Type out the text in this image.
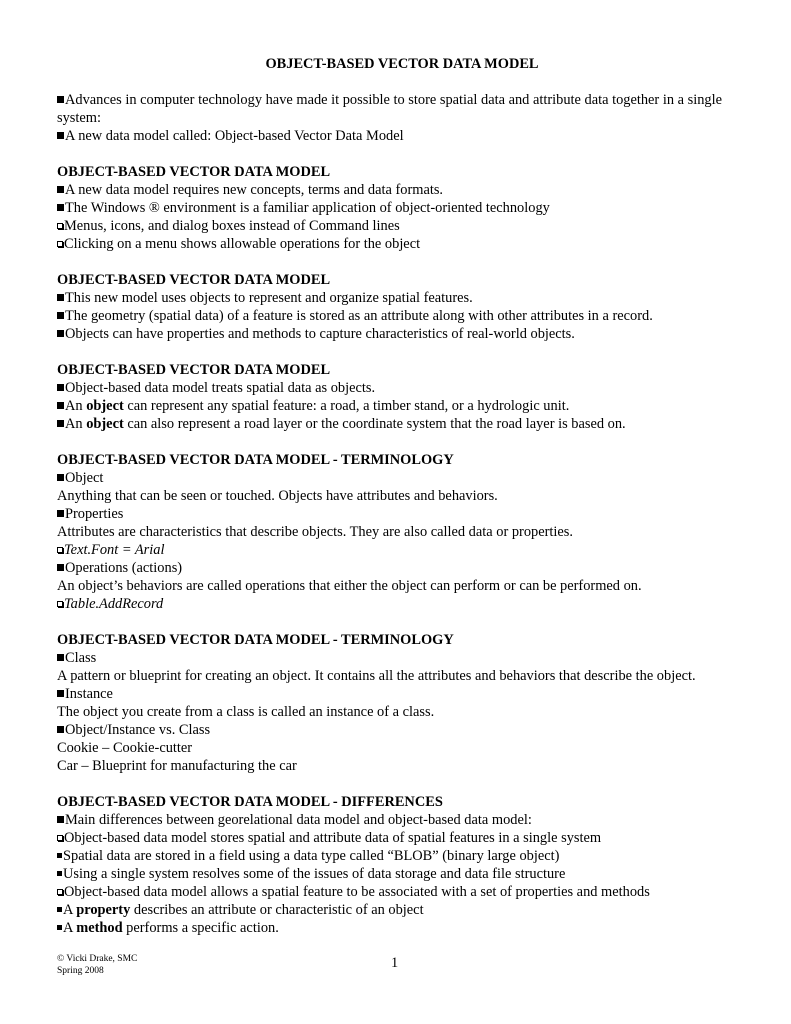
OBJECT-BASED VECTOR DATA MODEL
Advances in computer technology have made it possible to store spatial data and attribute data together in a single system:
A new data model called: Object-based Vector Data Model
OBJECT-BASED VECTOR DATA MODEL
A new data model requires new concepts, terms and data formats.
The Windows ® environment is a familiar application of object-oriented technology
Menus, icons, and dialog boxes instead of Command lines
Clicking on a menu shows allowable operations for the object
OBJECT-BASED VECTOR DATA MODEL
This new model uses objects to represent and organize spatial features.
The geometry (spatial data) of a feature is stored as an attribute along with other attributes in a record.
Objects can have properties and methods to capture characteristics of real-world objects.
OBJECT-BASED VECTOR DATA MODEL
Object-based data model treats spatial data as objects.
An object can represent any spatial feature: a road, a timber stand, or a hydrologic unit.
An object can also represent a road layer or the coordinate system that the road layer is based on.
OBJECT-BASED VECTOR DATA MODEL - TERMINOLOGY
Object
Anything that can be seen or touched. Objects have attributes and behaviors.
Properties
Attributes are characteristics that describe objects. They are also called data or properties.
Text.Font = Arial
Operations (actions)
An object’s behaviors are called operations that either the object can perform or can be performed on.
Table.AddRecord
OBJECT-BASED VECTOR DATA MODEL - TERMINOLOGY
Class
A pattern or blueprint for creating an object. It contains all the attributes and behaviors that describe the object.
Instance
The object you create from a class is called an instance of a class.
Object/Instance vs. Class
Cookie – Cookie-cutter
Car – Blueprint for manufacturing the car
OBJECT-BASED VECTOR DATA MODEL - DIFFERENCES
Main differences between georelational data model and object-based data model:
Object-based data model stores spatial and attribute data of spatial features in a single system
Spatial data are stored in a field using a data type called “BLOB” (binary large object)
Using a single system resolves some of the issues of data storage and data file structure
Object-based data model allows a spatial feature to be associated with a set of properties and methods
A property describes an attribute or characteristic of an object
A method performs a specific action.
© Vicki Drake, SMC
Spring 2008	1
